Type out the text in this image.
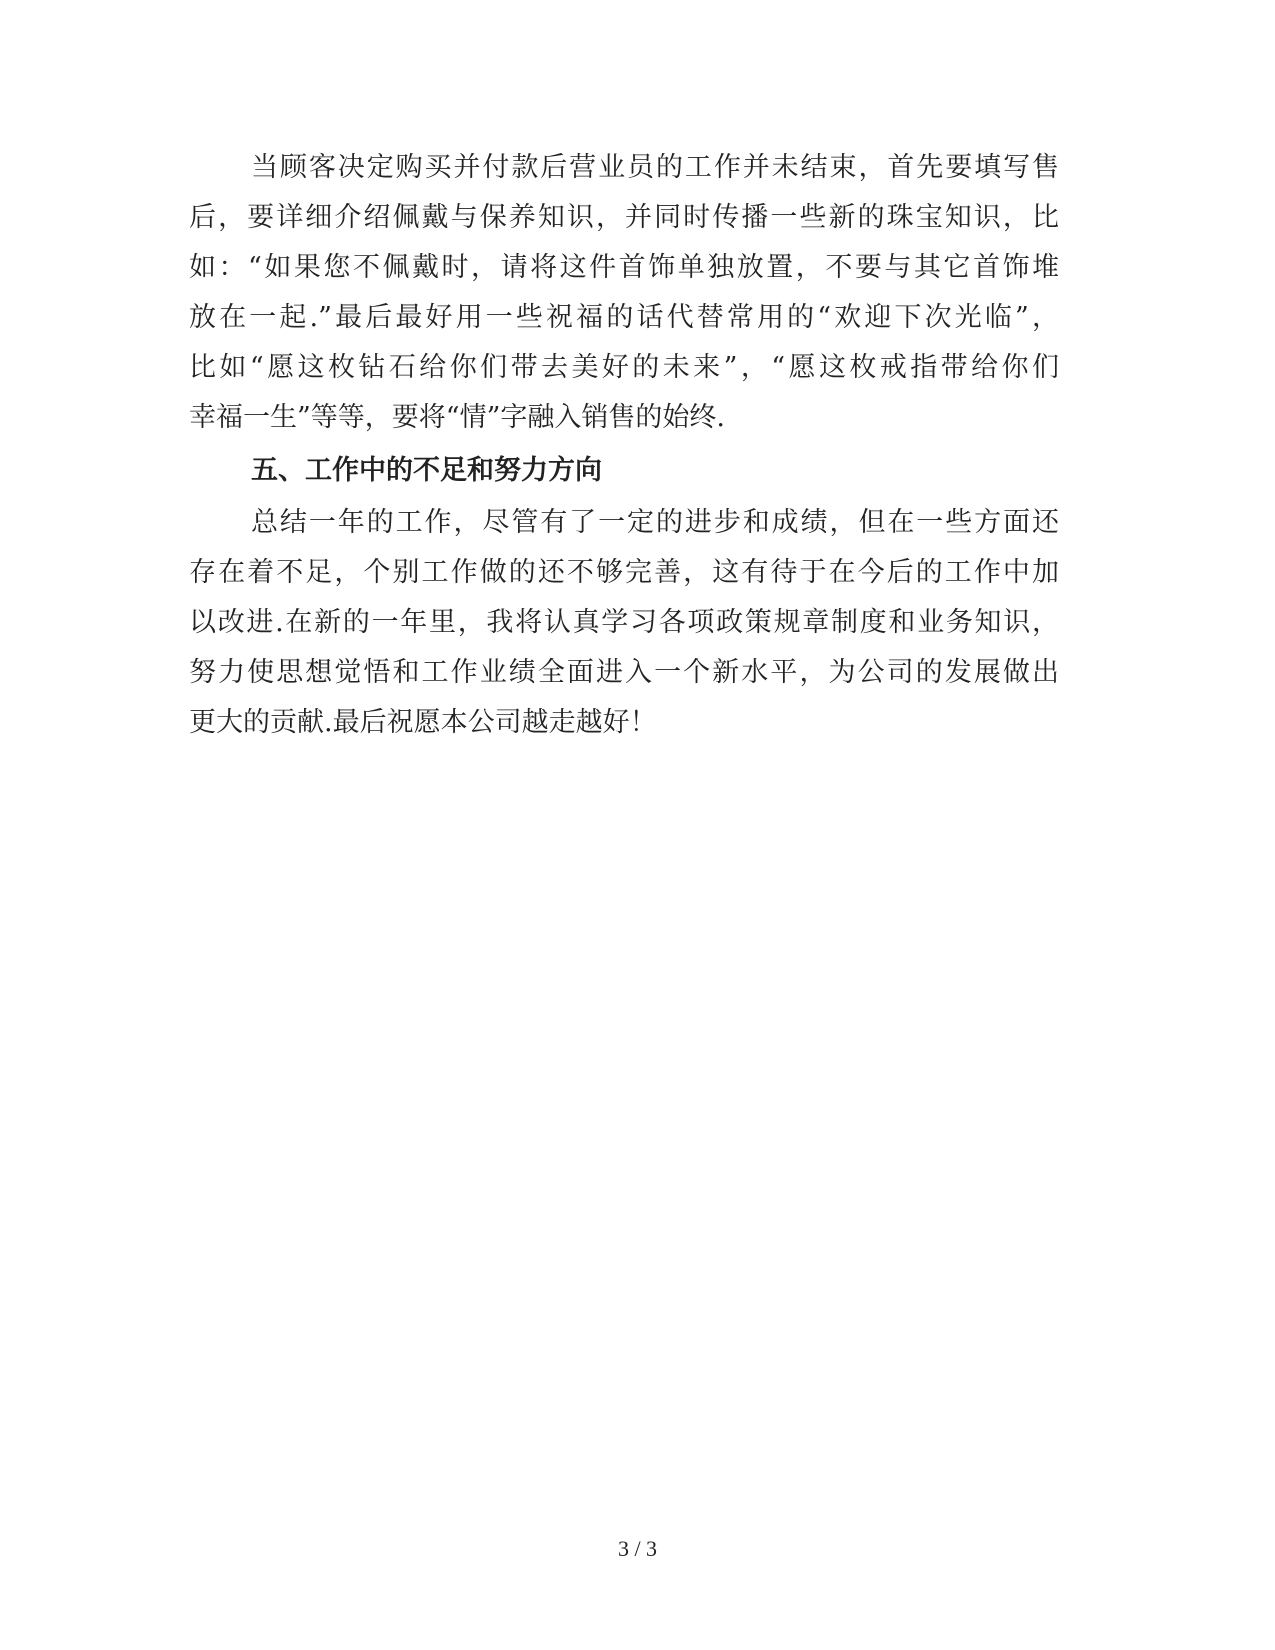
当顾客决定购买并付款后营业员的工作并未结束，首先要填写售
后，要详细介绍佩戴与保养知识，并同时传播一些新的珠宝知识，比
如：“如果您不佩戴时，请将这件首饰单独放置，不要与其它首饰堆
放在一起.”最后最好用一些祝福的话代替常用的“欢迎下次光临”，
比如“愿这枚钻石给你们带去美好的未来”，“愿这枚戒指带给你们
幸福一生”等等，要将“情”字融入销售的始终.
五、工作中的不足和努力方向
总结一年的工作，尽管有了一定的进步和成绩，但在一些方面还
存在着不足，个别工作做的还不够完善，这有待于在今后的工作中加
以改进.在新的一年里，我将认真学习各项政策规章制度和业务知识，
努力使思想觉悟和工作业绩全面进入一个新水平，为公司的发展做出
更大的贡献.最后祝愿本公司越走越好！
3 / 3
